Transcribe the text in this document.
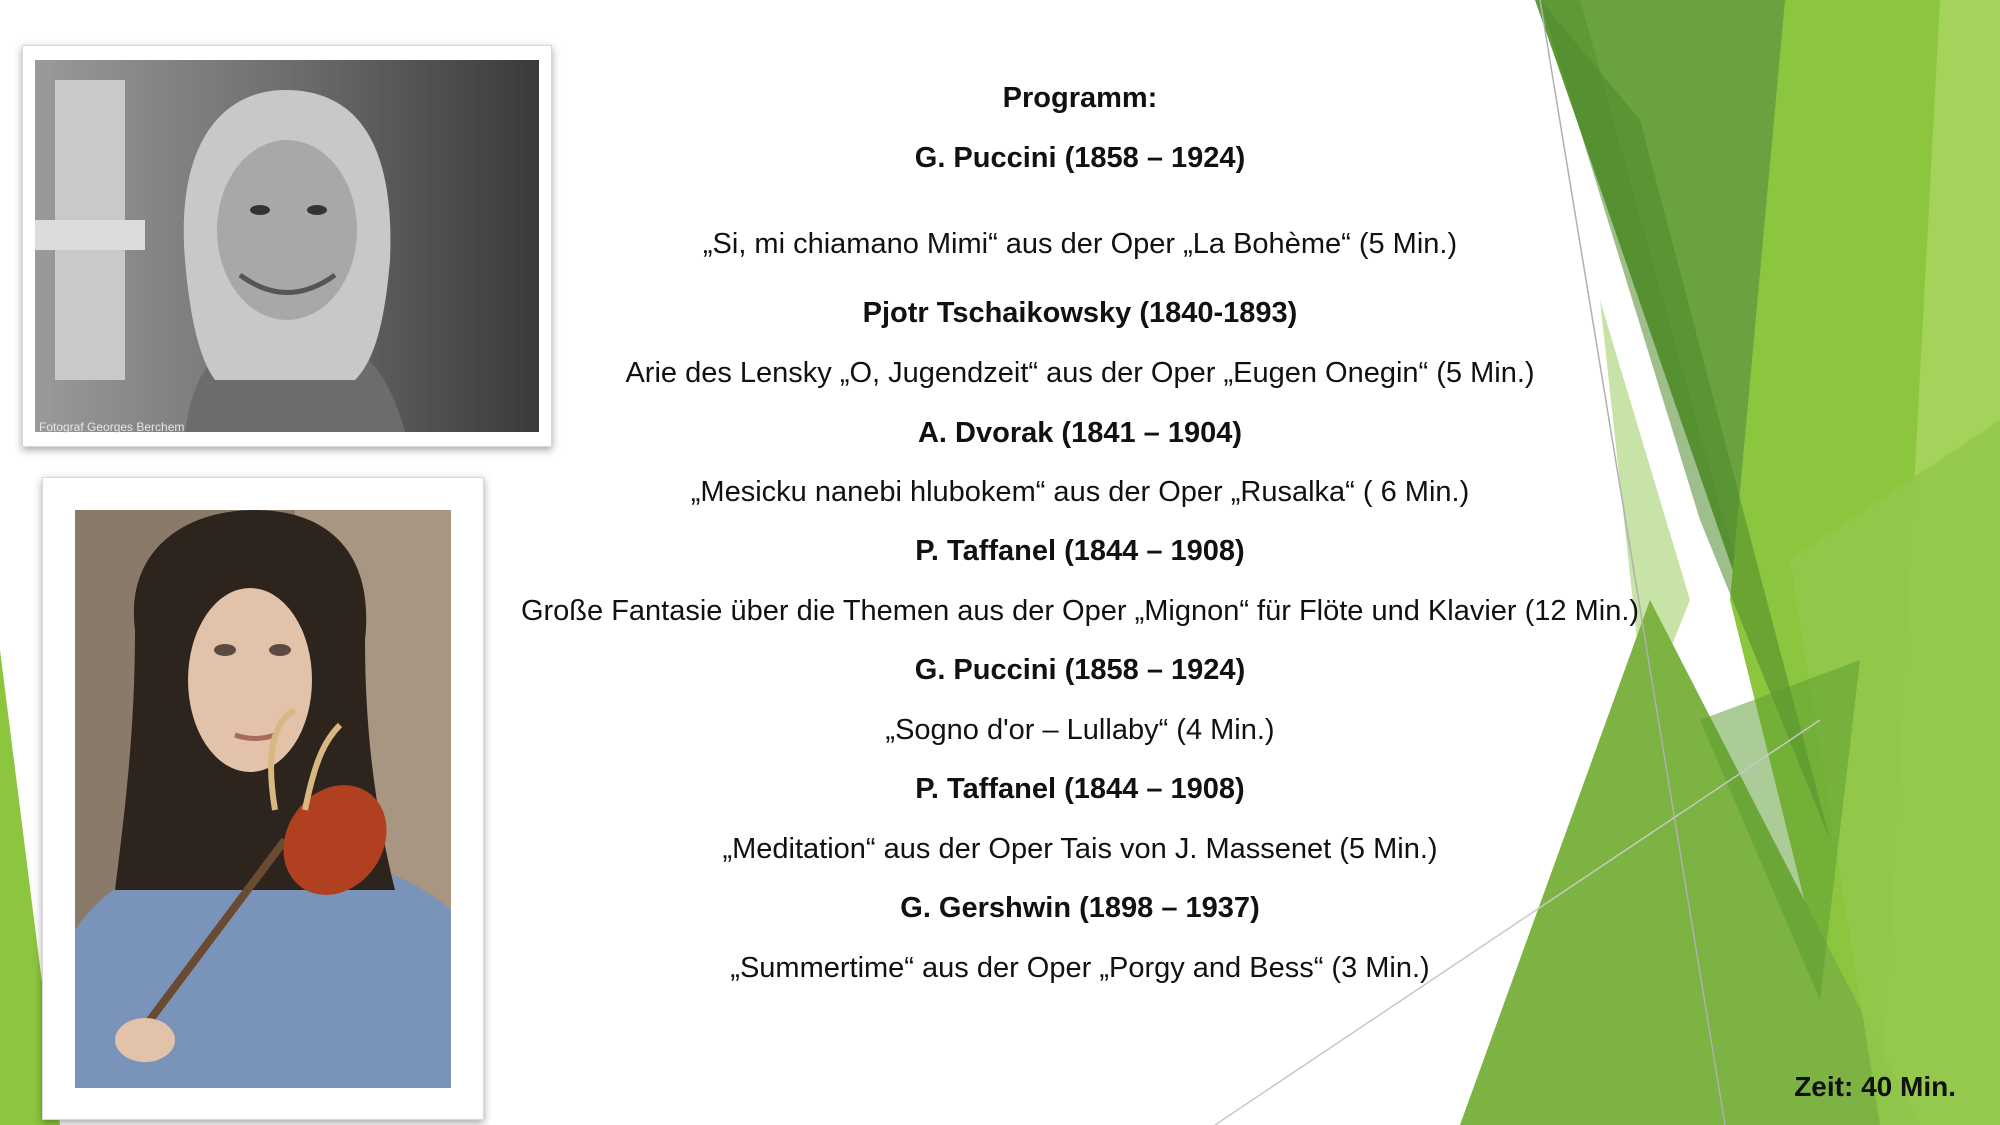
Fotograf Georges Berchem
Programm:
G. Puccini (1858 – 1924)
„Si, mi chiamano Mimi“ aus der Oper „La Bohème“ (5 Min.)
Pjotr Tschaikowsky (1840-1893)
Arie des Lensky „O, Jugendzeit“ aus der Oper „Eugen Onegin“ (5 Min.)
A. Dvorak (1841 – 1904)
„Mesicku nanebi hlubokem“ aus der Oper „Rusalka“ ( 6 Min.)
P. Taffanel (1844 – 1908)
Große Fantasie über die Themen aus der Oper „Mignon“ für Flöte und Klavier (12 Min.)
G. Puccini (1858 – 1924)
„Sogno d'or – Lullaby“ (4 Min.)
P. Taffanel (1844 – 1908)
„Meditation“ aus der Oper Tais von J. Massenet (5 Min.)
G. Gershwin (1898 – 1937)
„Summertime“ aus der Oper „Porgy and Bess“ (3 Min.)
Zeit: 40 Min.
